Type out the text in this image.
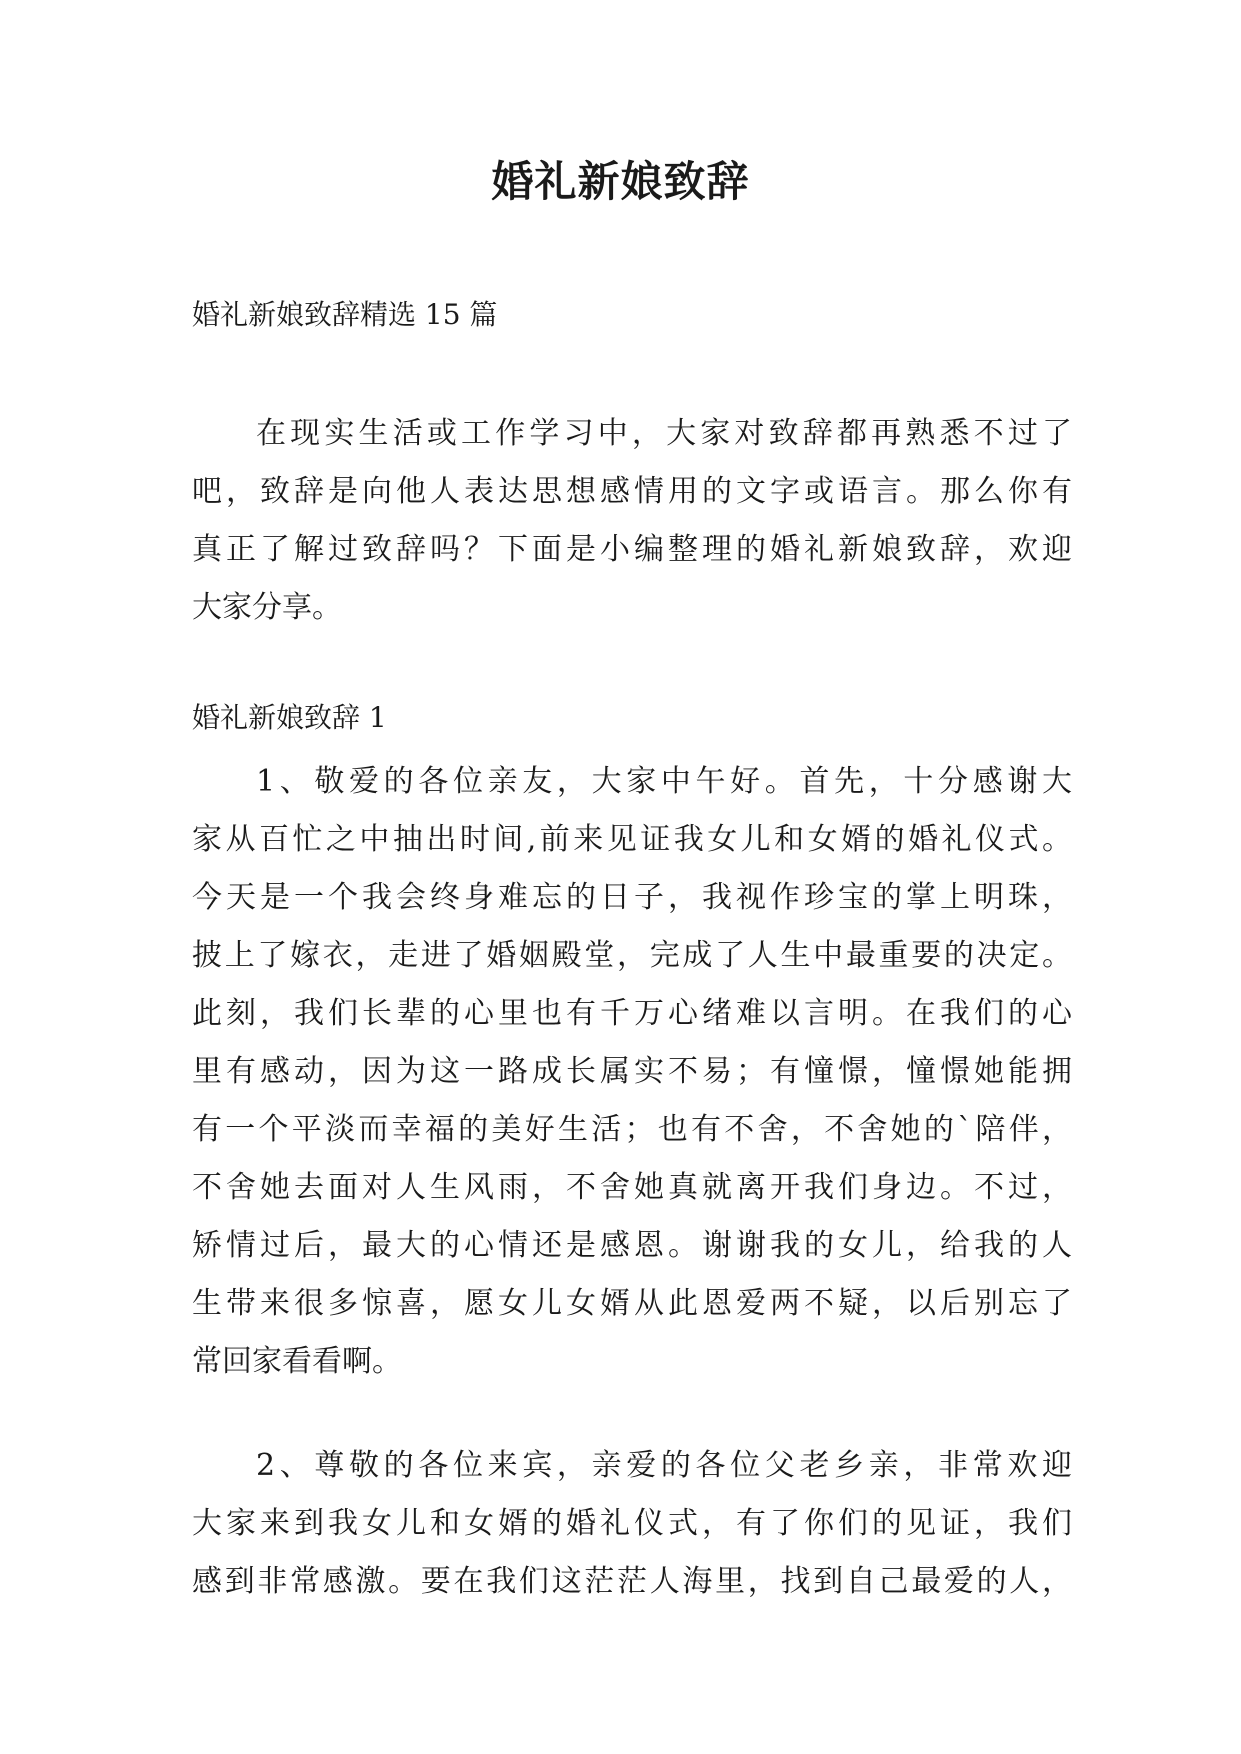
婚礼新娘致辞
婚礼新娘致辞精选 15 篇
在现实生活或工作学习中，大家对致辞都再熟悉不过了
吧，致辞是向他人表达思想感情用的文字或语言。那么你有
真正了解过致辞吗？下面是小编整理的婚礼新娘致辞，欢迎
大家分享。
婚礼新娘致辞 1
1、敬爱的各位亲友，大家中午好。首先，十分感谢大
家从百忙之中抽出时间,前来见证我女儿和女婿的婚礼仪式。
今天是一个我会终身难忘的日子，我视作珍宝的掌上明珠，
披上了嫁衣，走进了婚姻殿堂，完成了人生中最重要的决定。
此刻，我们长辈的心里也有千万心绪难以言明。在我们的心
里有感动，因为这一路成长属实不易；有憧憬，憧憬她能拥
有一个平淡而幸福的美好生活；也有不舍，不舍她的`陪伴，
不舍她去面对人生风雨，不舍她真就离开我们身边。不过，
矫情过后，最大的心情还是感恩。谢谢我的女儿，给我的人
生带来很多惊喜，愿女儿女婿从此恩爱两不疑，以后别忘了
常回家看看啊。
2、尊敬的各位来宾，亲爱的各位父老乡亲，非常欢迎
大家来到我女儿和女婿的婚礼仪式，有了你们的见证，我们
感到非常感激。要在我们这茫茫人海里，找到自己最爱的人，
